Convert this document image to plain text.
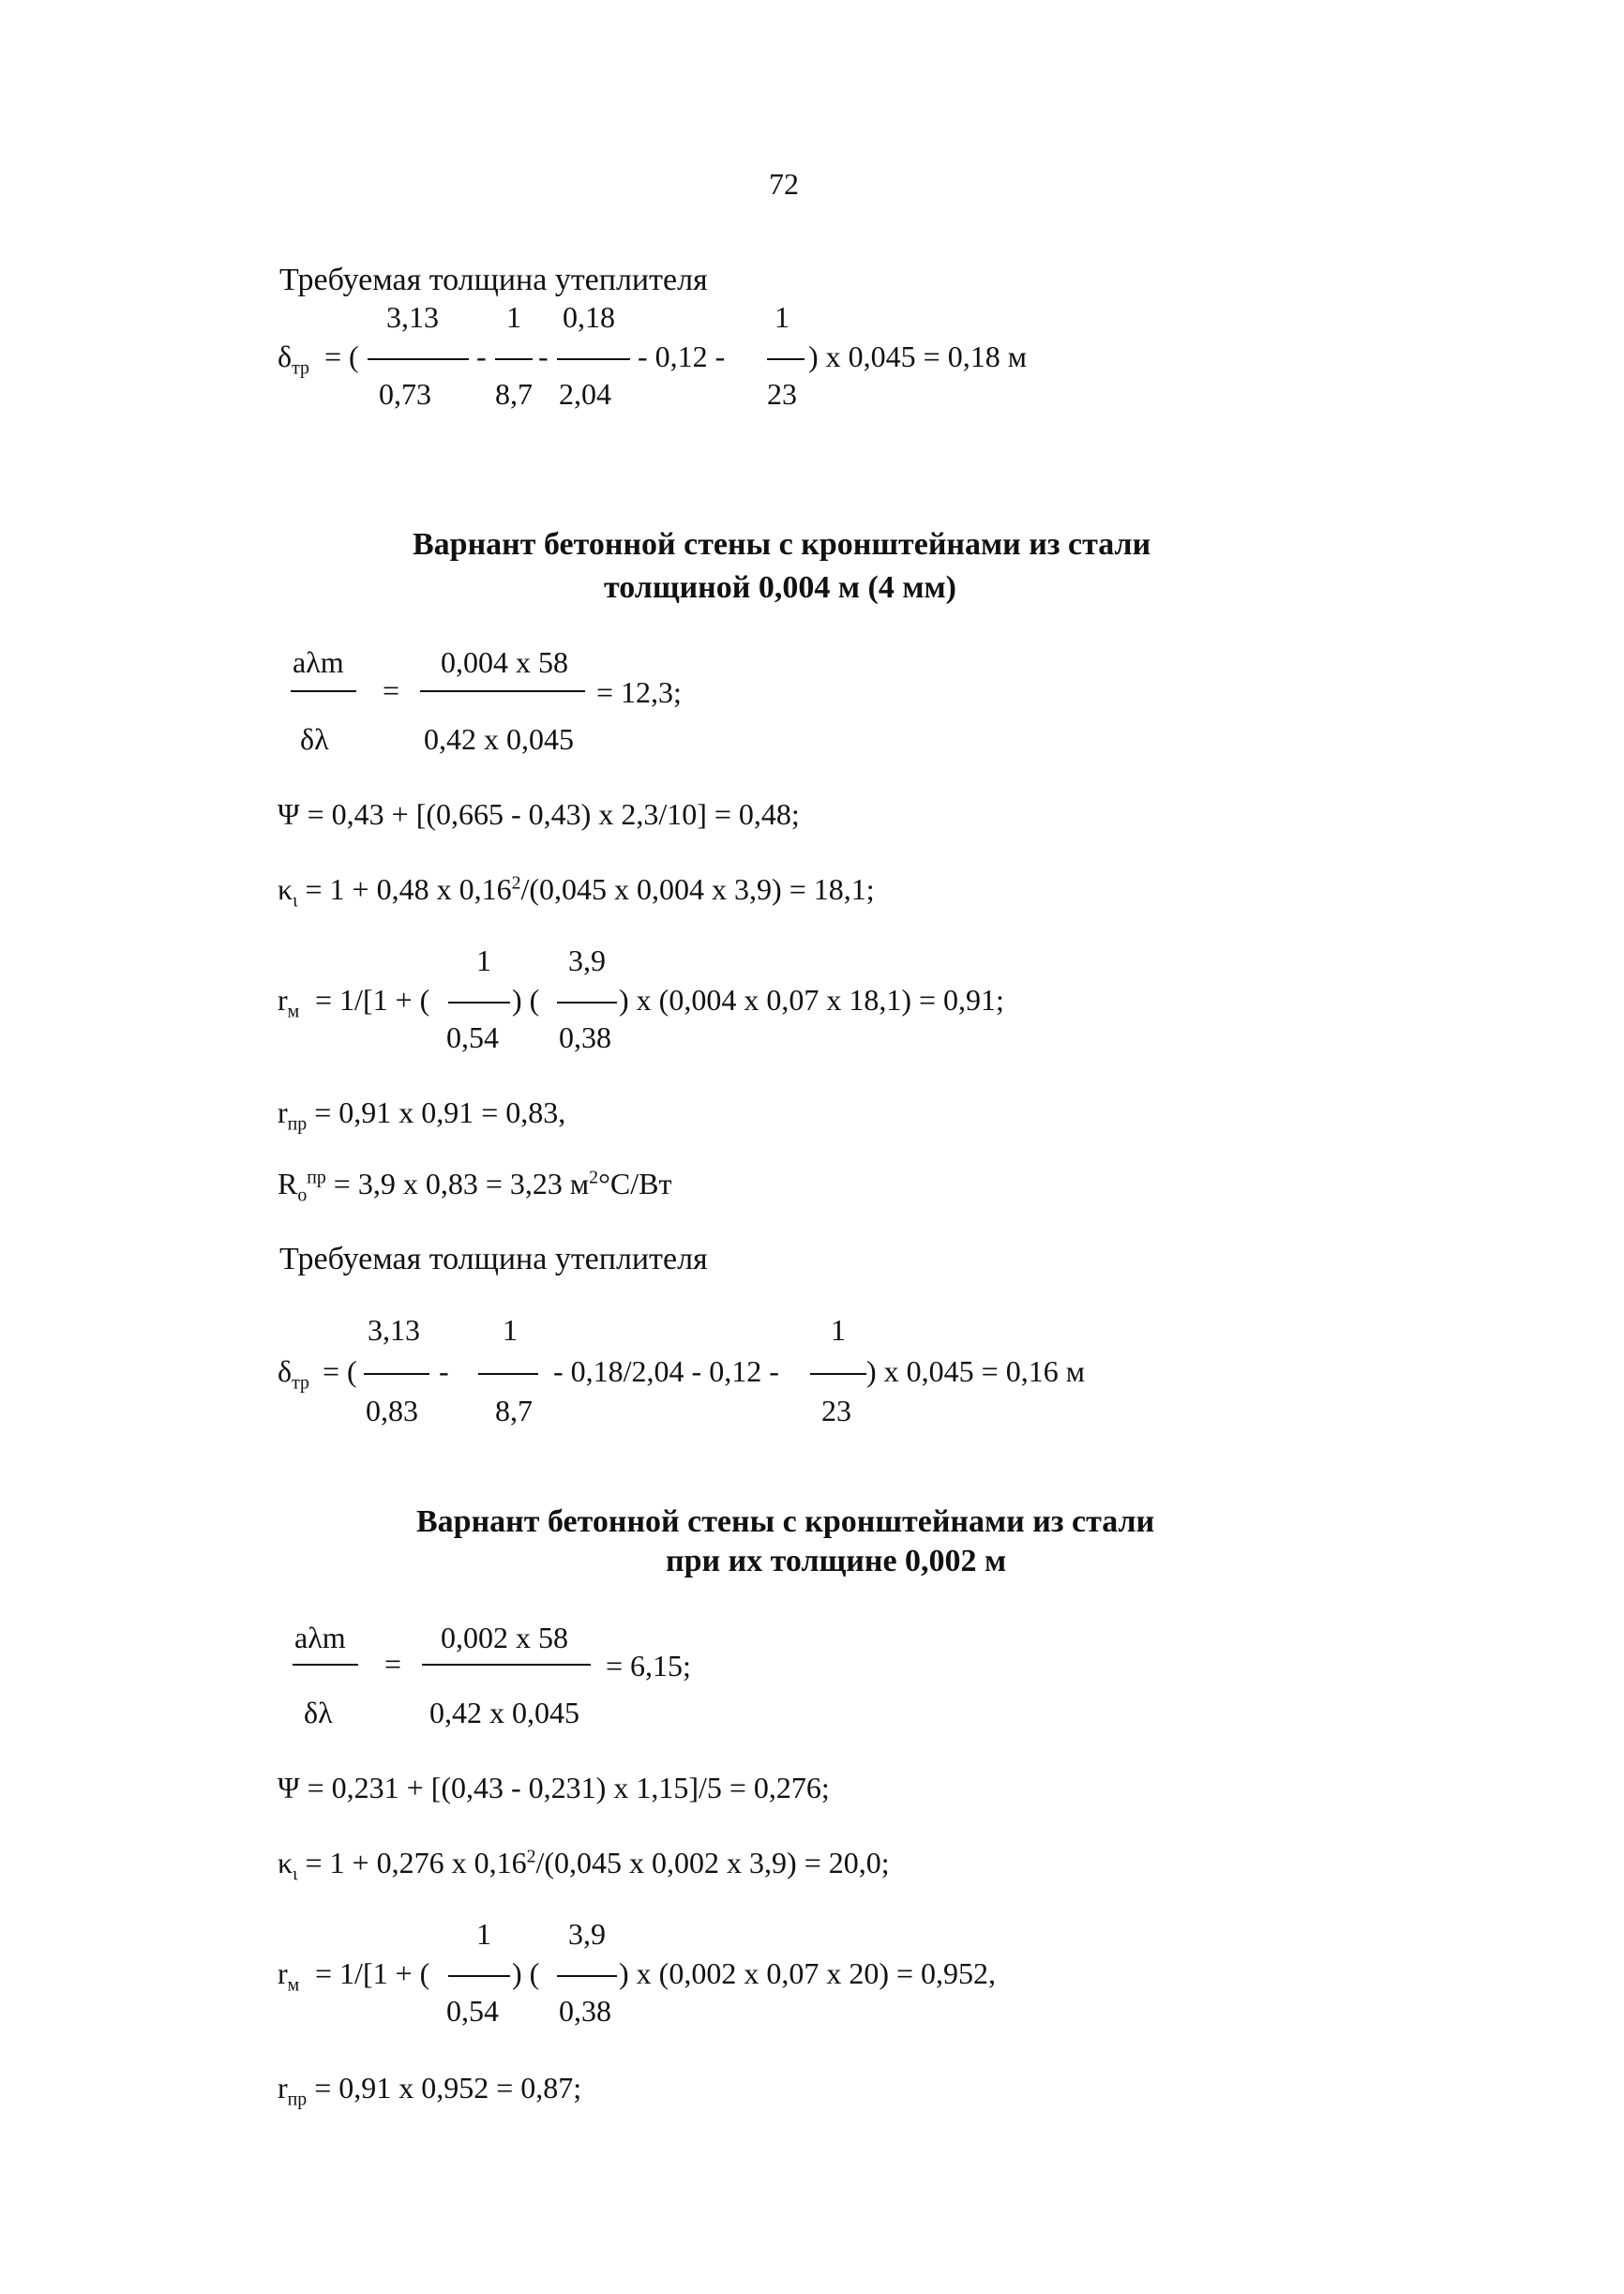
72
Требуемая толщина утеплителя
3,13 1 0,18	1
$\delta_{тр}$ = (	- -	- 0,12 -	) x 0,045 = 0,18 м
0,73 8,7 2,04	23
Варнант бетонной стены с кронштейнами из стали
толщиной 0,004 м (4 мм)
aλm
δλ
=
0,004 x 58
0,42 x 0,045
= 12,3;
Ψ = 0,43 + [(0,665 - 0,43) x 2,3/10] = 0,48;
$\kappa_\iota = 1 + 0,48$ x 0,16$^2$/(0,045 x 0,004 x 3,9) = 18,1;
1	3,9
$r_м = 1/[1$ + (	) (	) x (0,004 x 0,07 x 18,1) = 0,91;
0,54 0,38
$r_{пр} = 0,91$ x 0,91 = 0,83,
$R_o^{пр} = 3,9$ x 0,83 = 3,23 $м^2^\circ С/Вт$
Требуемая толщина утеплителя
3,13	1	1
$\delta_{тр}$ = (	-	- 0,18/2,04 - 0,12 -	) x 0,045 = 0,16 м
0,83	8,7	23
Варнант бетонной стены с кронштейнами из стали
при их толщине 0,002 м
aλm
δλ
=
0,002 x 58
0,42 x 0,045
= 6,15;
Ψ = 0,231 + [(0,43 - 0,231) x 1,15]/5 = 0,276;
$\kappa_\iota = 1 + 0,276$ x 0,16$^2$/(0,045 x 0,002 x 3,9) = 20,0;
1	3,9
$r_м = 1/[1$ + (	) (	) x (0,002 x 0,07 x 20) = 0,952,
0,54 0,38
$r_{пр} = 0,91$ x 0,952 = 0,87;
